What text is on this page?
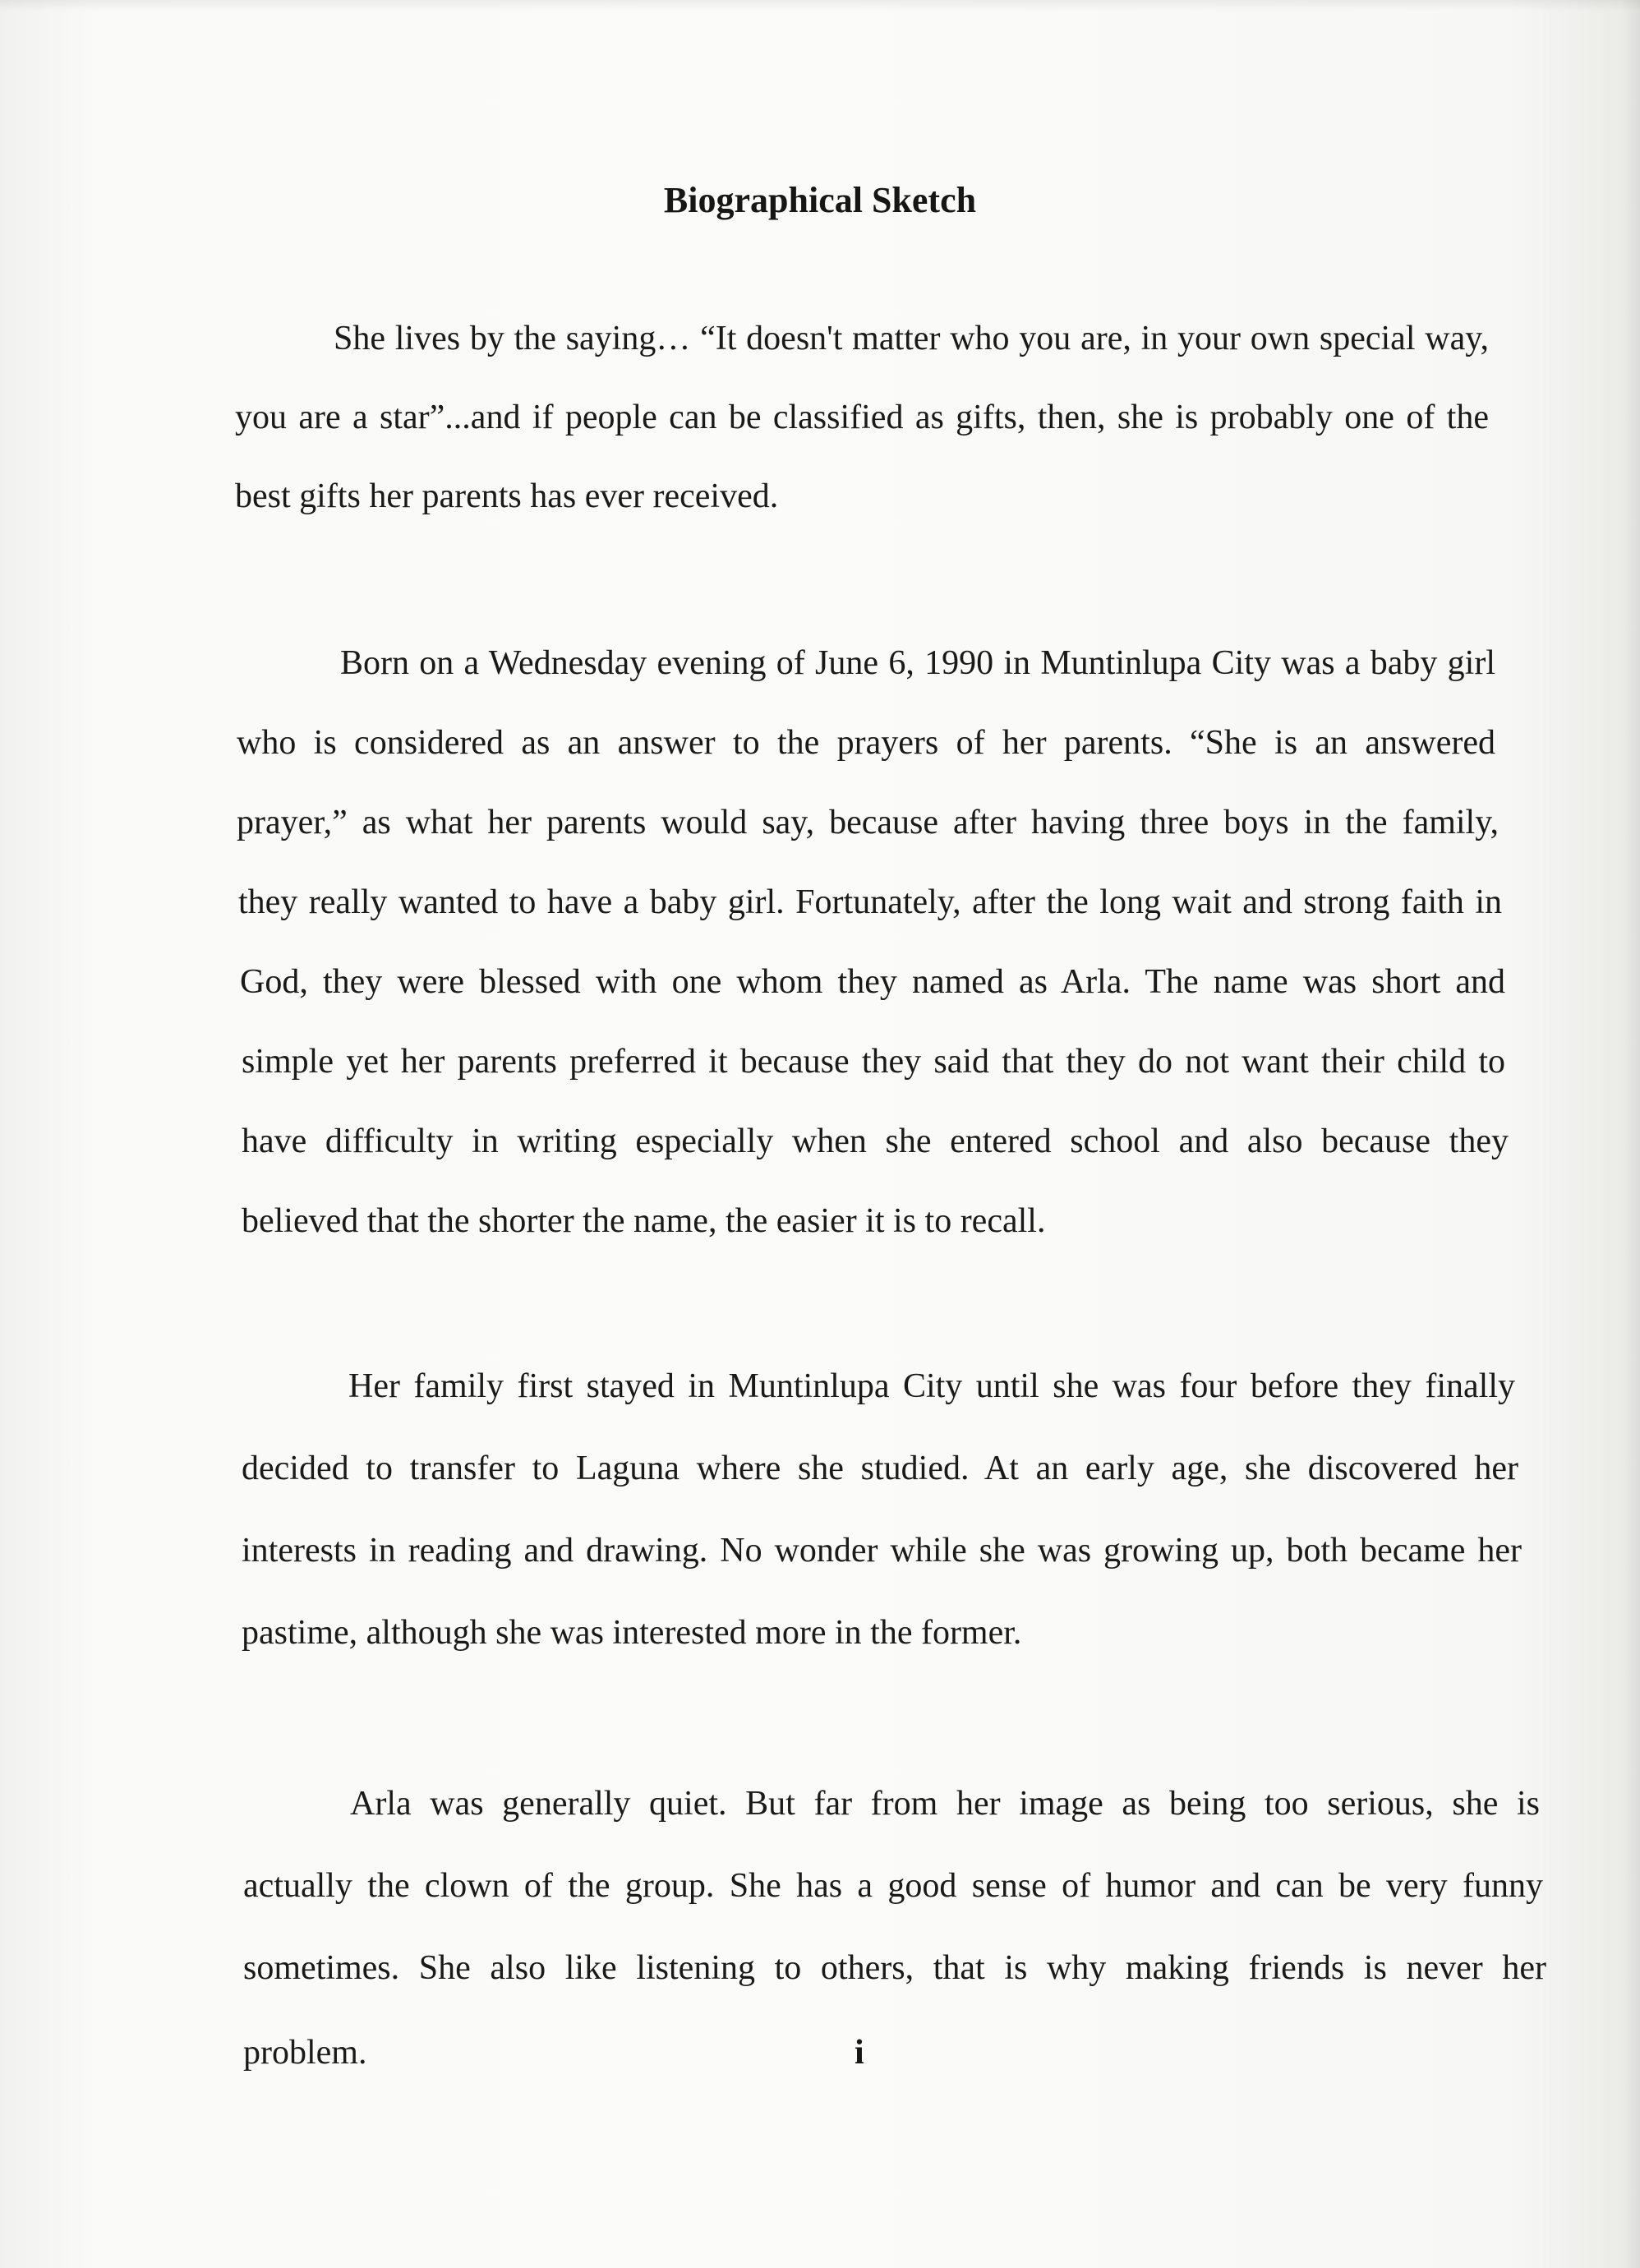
Biographical Sketch
She lives by the saying… “It doesn't matter who you are, in your own special way,
you are a star”...and if people can be classified as gifts, then, she is probably one of the
best gifts her parents has ever received.
Born on a Wednesday evening of June 6, 1990 in Muntinlupa City was a baby girl
who is considered as an answer to the prayers of her parents. “She is an answered
prayer,” as what her parents would say, because after having three boys in the family,
they really wanted to have a baby girl. Fortunately, after the long wait and strong faith in
God, they were blessed with one whom they named as Arla. The name was short and
simple yet her parents preferred it because they said that they do not want their child to
have difficulty in writing especially when she entered school and also because they
believed that the shorter the name, the easier it is to recall.
Her family first stayed in Muntinlupa City until she was four before they finally
decided to transfer to Laguna where she studied. At an early age, she discovered her
interests in reading and drawing. No wonder while she was growing up, both became her
pastime, although she was interested more in the former.
Arla was generally quiet. But far from her image as being too serious, she is
actually the clown of the group. She has a good sense of humor and can be very funny
sometimes. She also like listening to others, that is why making friends is never her
problem.	i
